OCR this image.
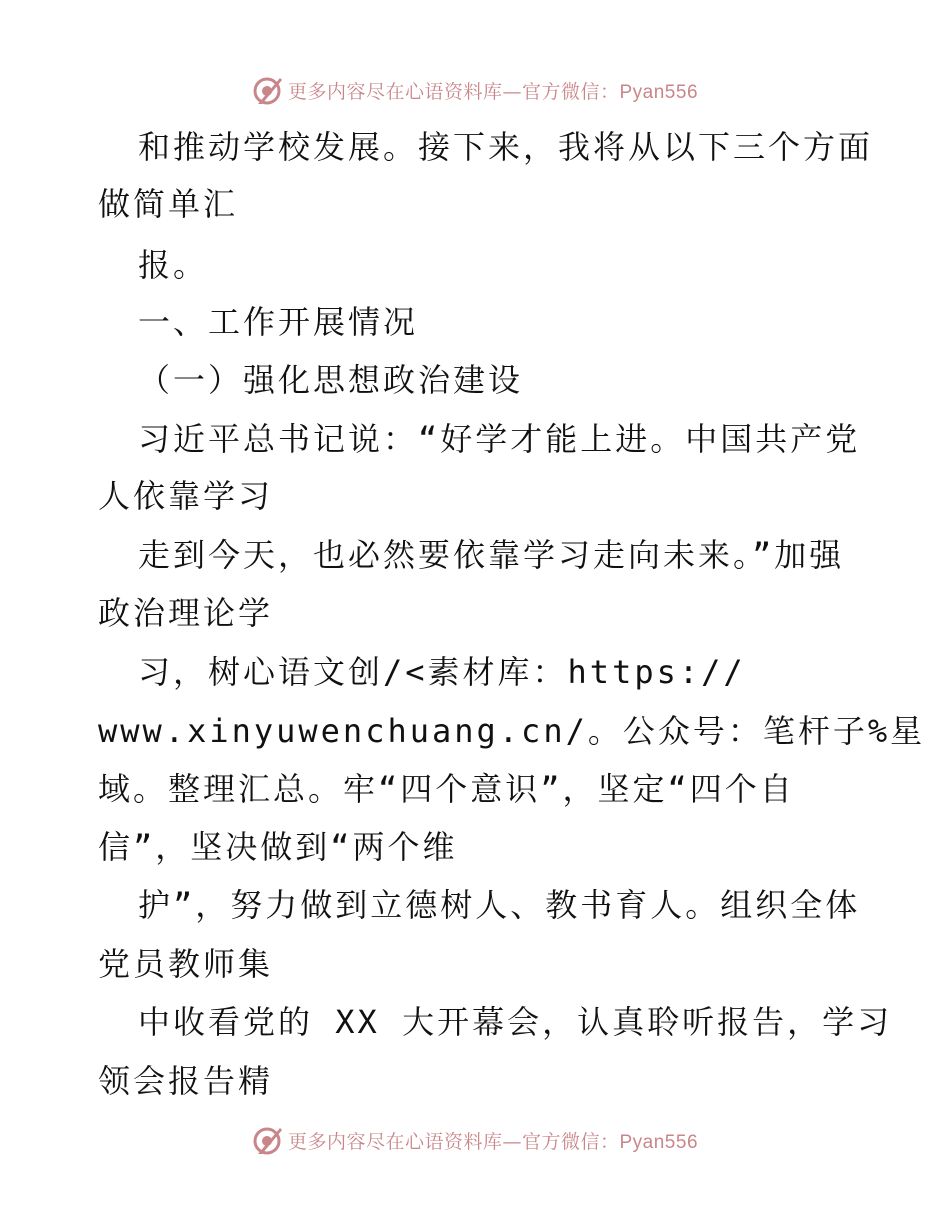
更多内容尽在心语资料库—官方微信：Pyan556
和推动学校发展。接下来，我将从以下三个方面
做简单汇
报。
一、工作开展情况
（一）强化思想政治建设
习近平总书记说：“好学才能上进。中国共产党
人依靠学习
走到今天，也必然要依靠学习走向未来。”加强
政治理论学
习，树心语文创/<素材库：https://
www.xinyuwenchuang.cn/。公众号：笔杆子%星
域。整理汇总。牢“四个意识”，坚定“四个自
信”，坚决做到“两个维
护”，努力做到立德树人、教书育人。组织全体
党员教师集
中收看党的 XX 大开幕会，认真聆听报告，学习
领会报告精
更多内容尽在心语资料库—官方微信：Pyan556
